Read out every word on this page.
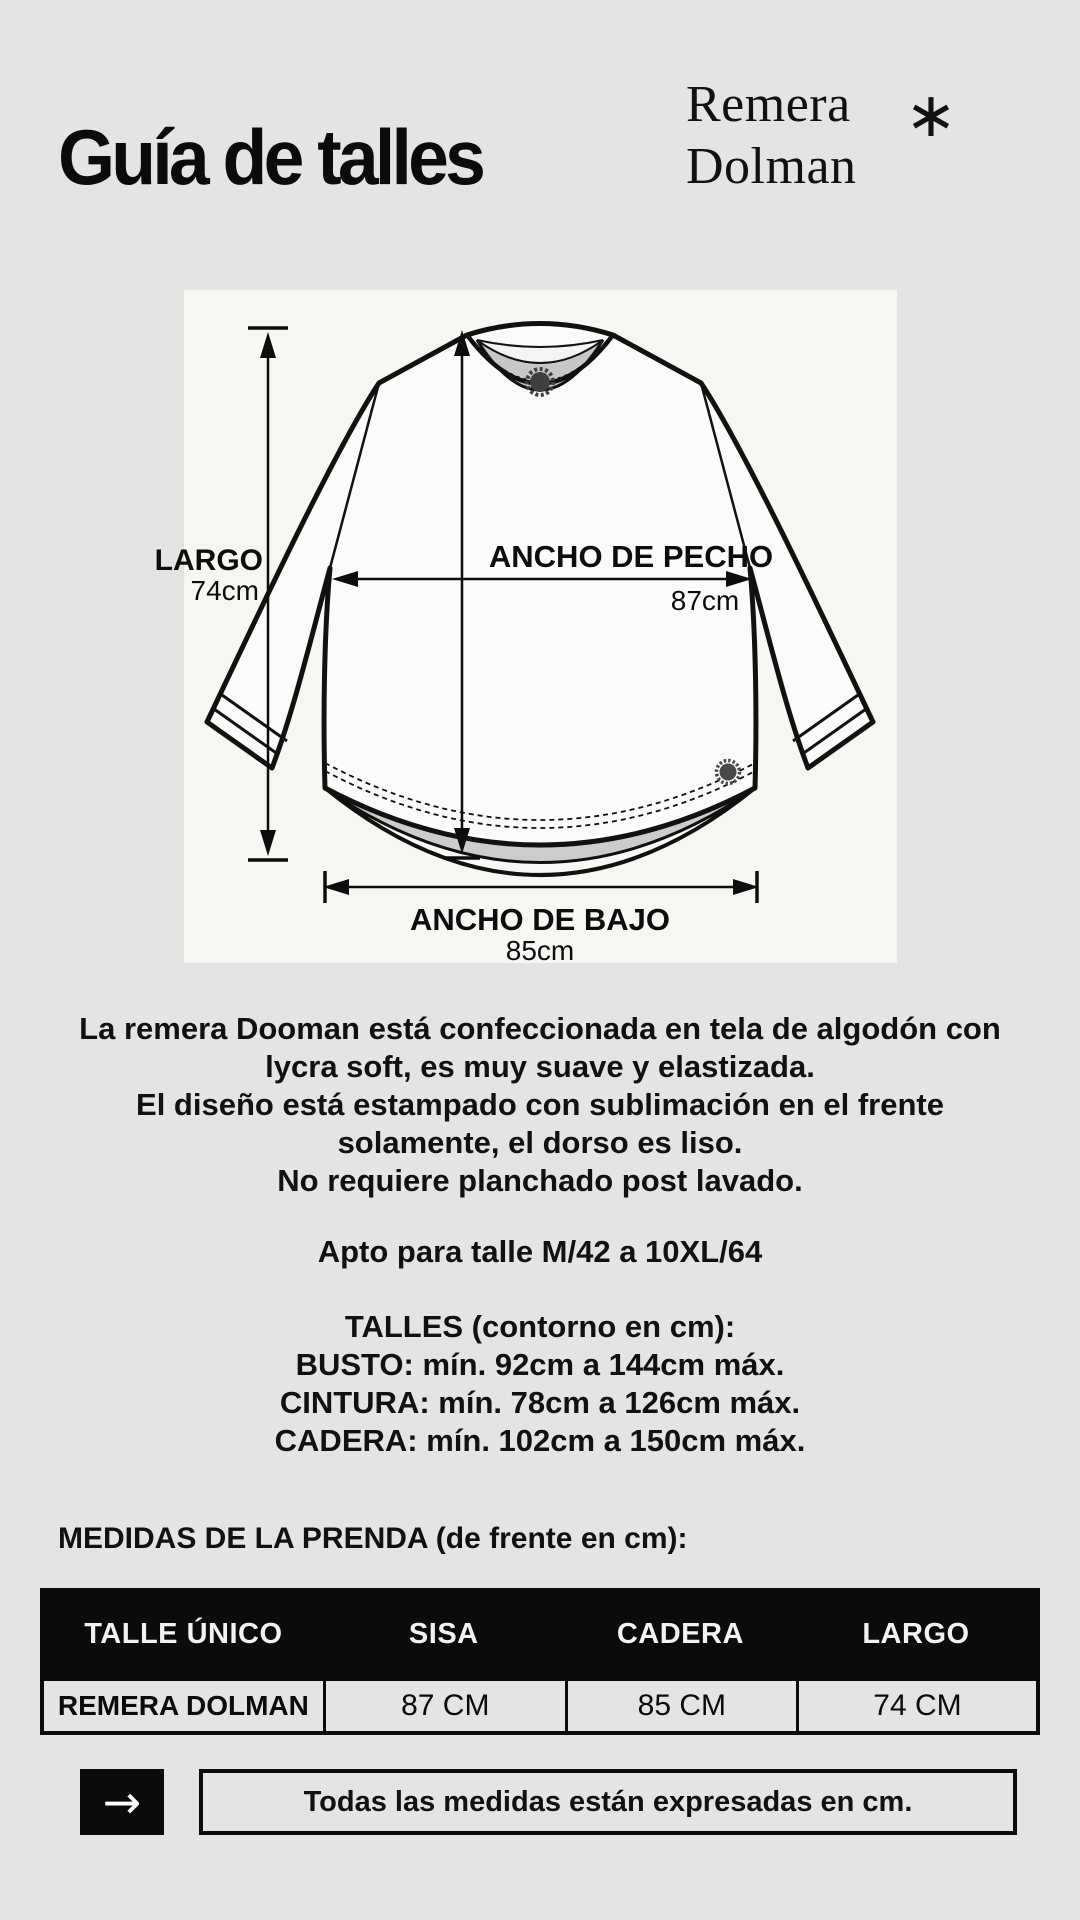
Guía de talles
Remera
Dolman
∗
LARGO
74cm
ANCHO DE PECHO
87cm
ANCHO DE BAJO
85cm
La remera Dooman está confeccionada en tela de algodón con
lycra soft, es muy suave y elastizada.
El diseño está estampado con sublimación en el frente
solamente, el dorso es liso.
No requiere planchado post lavado.
Apto para talle M/42 a 10XL/64
TALLES (contorno en cm):
BUSTO: mín. 92cm a 144cm máx.
CINTURA: mín. 78cm a 126cm máx.
CADERA: mín. 102cm a 150cm máx.
MEDIDAS DE LA PRENDA (de frente en cm):
TALLE ÚNICO	SISA	CADERA	LARGO
REMERA DOLMAN	87 CM	85 CM	74 CM
→	Todas las medidas están expresadas en cm.
